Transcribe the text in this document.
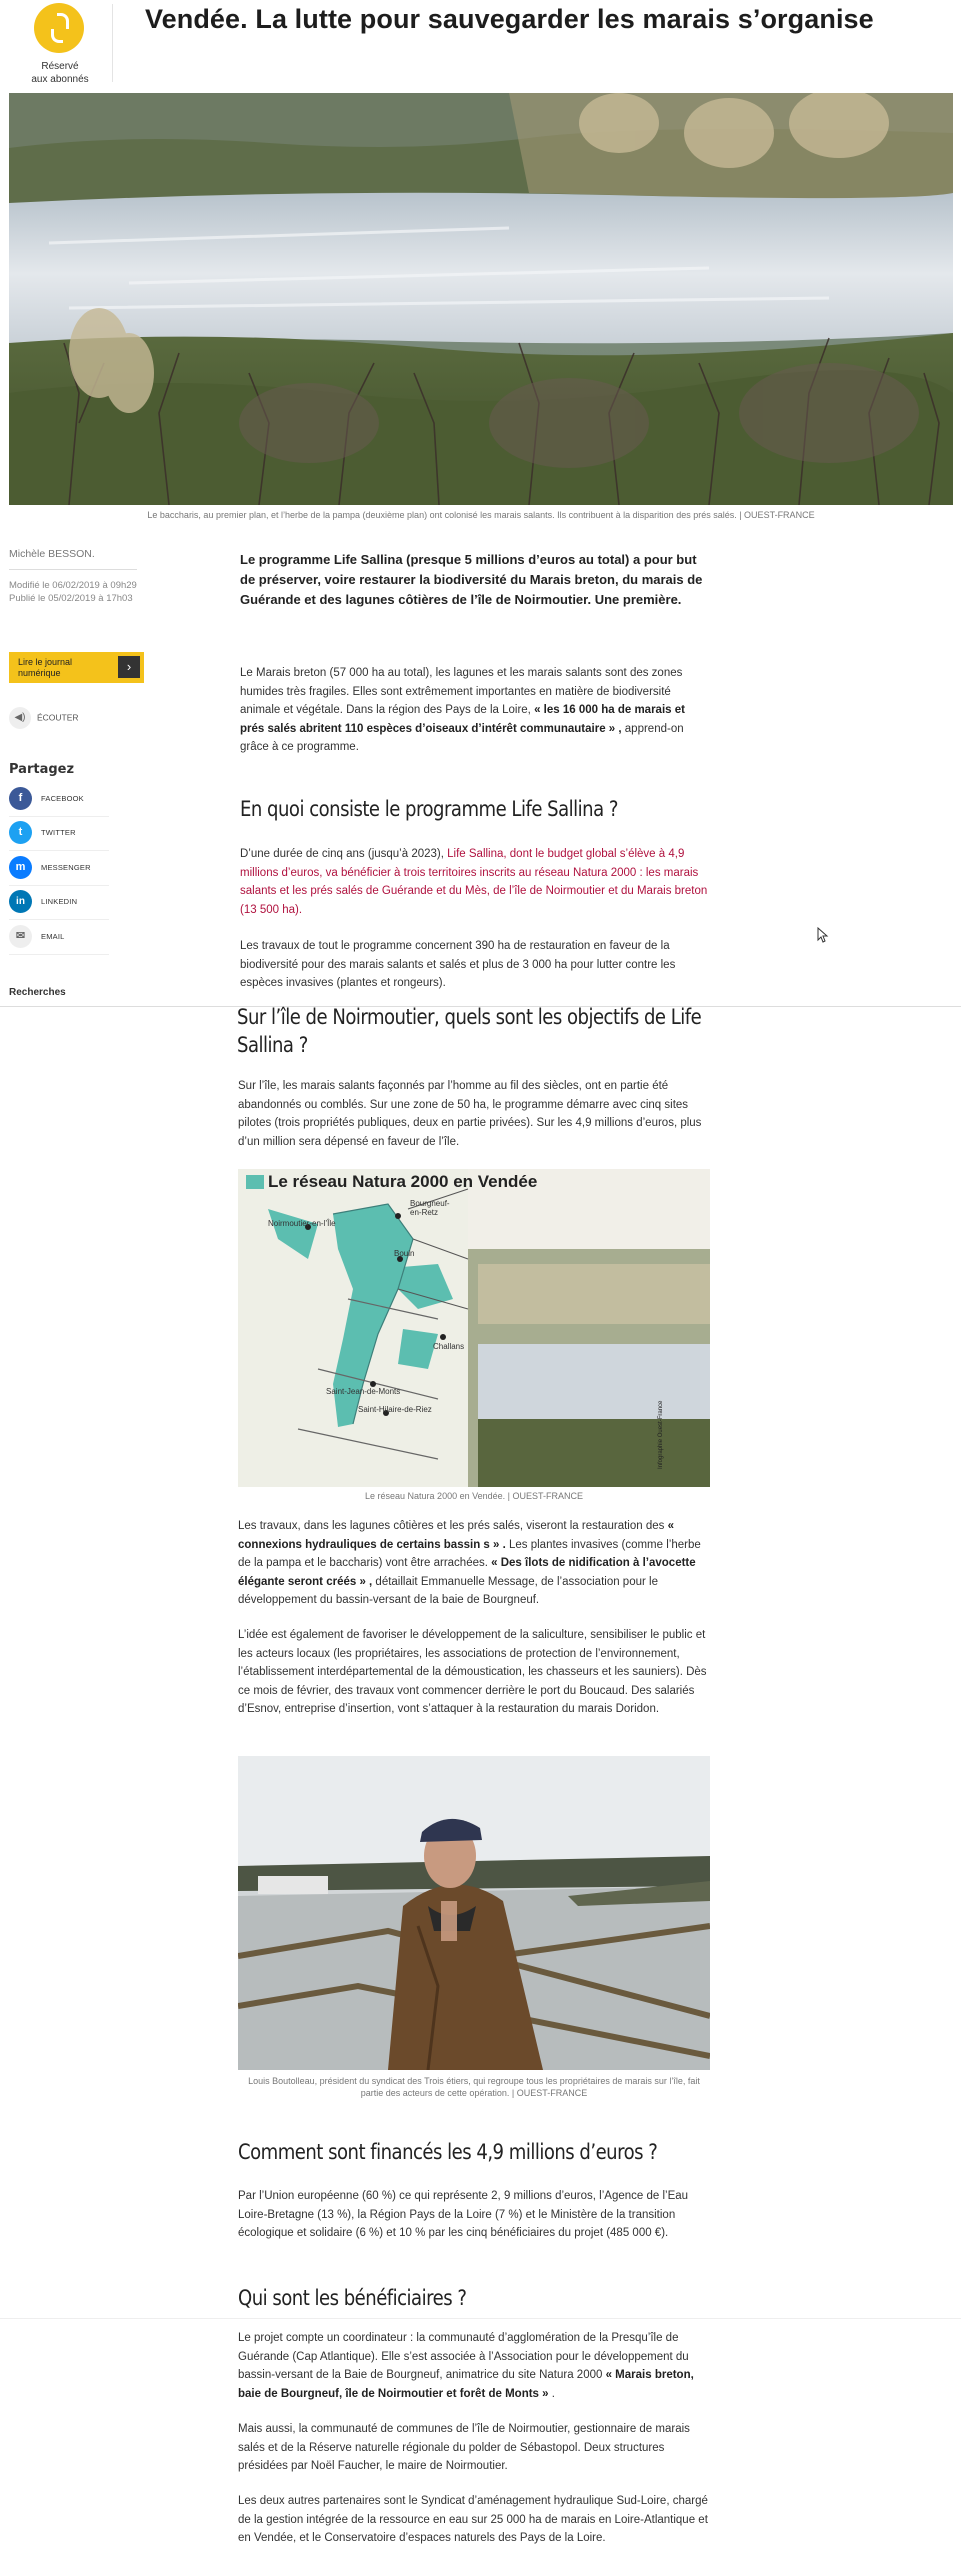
Réservé
aux abonnés
Vendée. La lutte pour sauvegarder les marais s’organise
Le baccharis, au premier plan, et l’herbe de la pampa (deuxième plan) ont colonisé les marais salants. Ils contribuent à la disparition des prés salés. | OUEST-FRANCE
Michèle BESSON.
Modifié le 06/02/2019 à 09h29
Publié le 05/02/2019 à 17h03
Lire le journal
numérique	›
◀) ÉCOUTER
Partagez
f	FACEBOOK
t	TWITTER
m	MESSENGER
in	LINKEDIN
✉	EMAIL
Recherches

Le programme Life Sallina (presque 5 millions d’euros au total) a pour but de préserver, voire restaurer la biodiversité du Marais breton, du marais de Guérande et des lagunes côtières de l’île de Noirmoutier. Une première.

Le Marais breton (57 000 ha au total), les lagunes et les marais salants sont des zones humides très fragiles. Elles sont extrêmement importantes en matière de biodiversité animale et végétale. Dans la région des Pays de la Loire, « les 16 000 ha de marais et prés salés abritent 110 espèces d’oiseaux d’intérêt communautaire » , apprend-on grâce à ce programme.

En quoi consiste le programme Life Sallina ?

D’une durée de cinq ans (jusqu’à 2023), Life Sallina, dont le budget global s’élève à 4,9 millions d’euros, va bénéficier à trois territoires inscrits au réseau Natura 2000 : les marais salants et les prés salés de Guérande et du Mès, de l’île de Noirmoutier et du Marais breton (13 500 ha).

Les travaux de tout le programme concernent 390 ha de restauration en faveur de la biodiversité pour des marais salants et salés et plus de 3 000 ha pour lutter contre les espèces invasives (plantes et rongeurs).

Sur l’île de Noirmoutier, quels sont les objectifs de Life
Sallina ?

Sur l’île, les marais salants façonnés par l’homme au fil des siècles, ont en partie été abandonnés ou comblés. Sur une zone de 50 ha, le programme démarre avec cinq sites pilotes (trois propriétés publiques, deux en partie privées). Sur les 4,9 millions d’euros, plus d’un million sera dépensé en faveur de l’île.

Le réseau Natura 2000 en Vendée
Bourgneuf-en-Retz
Noirmoutier-en-l’Île
Bouin
Challans
Saint-Jean-de-Monts
Saint-Hilaire-de-Riez	Infographie Ouest-France
Le réseau Natura 2000 en Vendée. | OUEST-FRANCE

Les travaux, dans les lagunes côtières et les prés salés, viseront la restauration des « connexions hydrauliques de certains bassin s » . Les plantes invasives (comme l’herbe de la pampa et le baccharis) vont être arrachées. « Des îlots de nidification à l’avocette élégante seront créés » , détaillait Emmanuelle Message, de l’association pour le développement du bassin-versant de la baie de Bourgneuf.

L’idée est également de favoriser le développement de la saliculture, sensibiliser le public et les acteurs locaux (les propriétaires, les associations de protection de l’environnement, l’établissement interdépartemental de la démoustication, les chasseurs et les sauniers). Dès ce mois de février, des travaux vont commencer derrière le port du Boucaud. Des salariés d’Esnov, entreprise d’insertion, vont s’attaquer à la restauration du marais Doridon.

Louis Boutolleau, président du syndicat des Trois étiers, qui regroupe tous les propriétaires de marais sur l’île, fait
partie des acteurs de cette opération. | OUEST-FRANCE
Comment sont financés les 4,9 millions d’euros ?

Par l’Union européenne (60 %) ce qui représente 2, 9 millions d’euros, l’Agence de l’Eau Loire-Bretagne (13 %), la Région Pays de la Loire (7 %) et le Ministère de la transition écologique et solidaire (6 %) et 10 % par les cinq bénéficiaires du projet (485 000 €).

Qui sont les bénéficiaires ?

Le projet compte un coordinateur : la communauté d’agglomération de la Presqu’île de Guérande (Cap Atlantique). Elle s’est associée à l’Association pour le développement du bassin-versant de la Baie de Bourgneuf, animatrice du site Natura 2000 « Marais breton, baie de Bourgneuf, île de Noirmoutier et forêt de Monts » .

Mais aussi, la communauté de communes de l’île de Noirmoutier, gestionnaire de marais salés et de la Réserve naturelle régionale du polder de Sébastopol. Deux structures présidées par Noël Faucher, le maire de Noirmoutier.

Les deux autres partenaires sont le Syndicat d’aménagement hydraulique Sud-Loire, chargé de la gestion intégrée de la ressource en eau sur 25 000 ha de marais en Loire-Atlantique et en Vendée, et le Conservatoire d’espaces naturels des Pays de la Loire.
